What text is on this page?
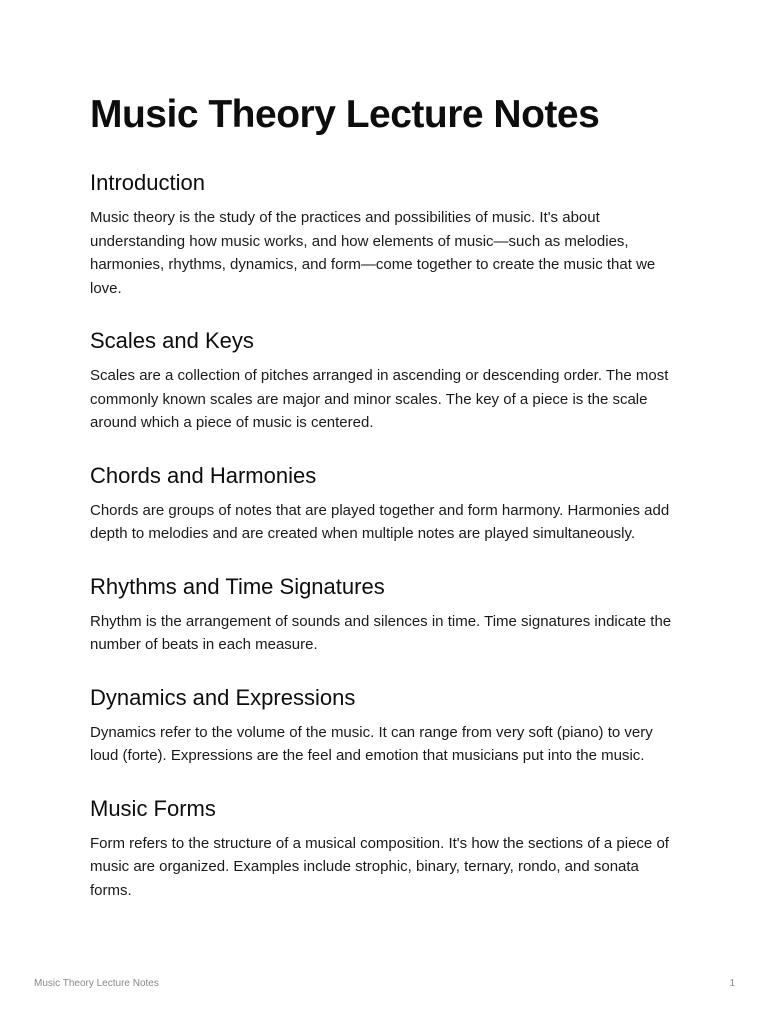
Music Theory Lecture Notes
Introduction

Music theory is the study of the practices and possibilities of music. It's about understanding how music works, and how elements of music—such as melodies, harmonies, rhythms, dynamics, and form—come together to create the music that we love.

Scales and Keys

Scales are a collection of pitches arranged in ascending or descending order. The most commonly known scales are major and minor scales. The key of a piece is the scale around which a piece of music is centered.

Chords and Harmonies

Chords are groups of notes that are played together and form harmony. Harmonies add depth to melodies and are created when multiple notes are played simultaneously.

Rhythms and Time Signatures

Rhythm is the arrangement of sounds and silences in time. Time signatures indicate the number of beats in each measure.

Dynamics and Expressions

Dynamics refer to the volume of the music. It can range from very soft (piano) to very loud (forte). Expressions are the feel and emotion that musicians put into the music.

Music Forms

Form refers to the structure of a musical composition. It's how the sections of a piece of music are organized. Examples include strophic, binary, ternary, rondo, and sonata forms.

Music Theory Lecture Notes	1
